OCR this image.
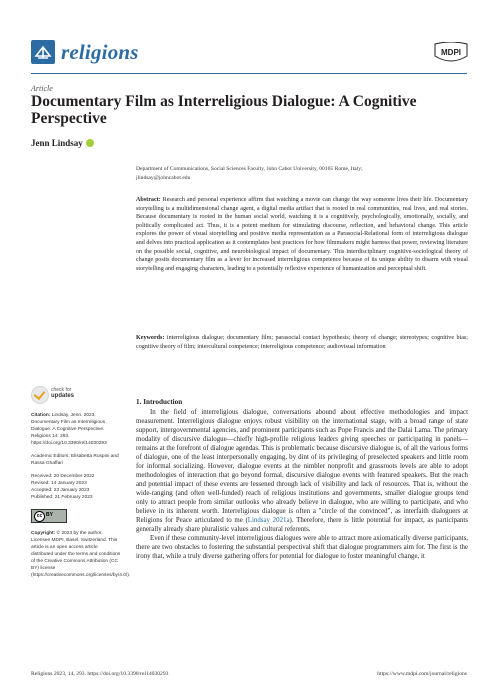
religions	MDPI
Article
Documentary Film as Interreligious Dialogue: A Cognitive Perspective
Jenn Lindsay
Department of Communications, Social Sciences Faculty, John Cabot University, 00165 Rome, Italy;
jlindsay@johncabot.edu
Abstract: Research and personal experience affirm that watching a movie can change the way someone lives their life. Documentary storytelling is a multidimensional change agent, a digital media artifact that is rooted in real communities, real lives, and real stories. Because documentary is rooted in the human social world, watching it is a cognitively, psychologically, emotionally, socially, and politically complicated act. Thus, it is a potent medium for stimulating discourse, reflection, and behavioral change. This article explores the power of visual storytelling and positive media representation as a Parasocial-Relational form of interreligious dialogue and delves into practical application as it contemplates best practices for how filmmakers might harness that power, reviewing literature on the possible social, cognitive, and neurobiological impact of documentary. This interdisciplinary cognitive-sociological theory of change posits documentary film as a lever for increased interreligious competence because of its unique ability to disarm with visual storytelling and engaging characters, leading to a potentially reflexive experience of humanization and perceptual shift.
Keywords: interreligious dialogue; documentary film; parasocial contact hypothesis; theory of change; stereotypes; cognitive bias; cognitive theory of film; intercultural competence; interreligious competence; audiovisual information
check for
updates
Citation: Lindsay, Jenn. 2023. Documentary Film as Interreligious Dialogue: A Cognitive Perspective. Religions 14: 293. https://doi.org/10.3390/rel14030293
Academic Editors: Elisabetta Ruspini and Rassa Ghaffari
Received: 20 December 2022
Revised: 14 January 2023
Accepted: 23 January 2023
Published: 21 February 2023
cc BY
Copyright: © 2023 by the author. Licensee MDPI, Basel, Switzerland. This article is an open access article distributed under the terms and conditions of the Creative Commons Attribution (CC BY) license (https://creativecommons.org/licenses/by/4.0/).
1. Introduction

In the field of interreligious dialogue, conversations abound about effective methodologies and impact measurement. Interreligious dialogue enjoys robust visibility on the international stage, with a broad range of state support, intergovernmental agencies, and prominent participants such as Pope Francis and the Dalai Lama. The primary modality of discursive dialogue—chiefly high-profile religious leaders giving speeches or participating in panels—remains at the forefront of dialogue agendas. This is problematic because discursive dialogue is, of all the various forms of dialogue, one of the least interpersonally engaging, by dint of its privileging of preselected speakers and little room for informal socializing. However, dialogue events at the nimbler nonprofit and grassroots levels are able to adopt methodologies of interaction that go beyond formal, discursive dialogue events with featured speakers. But the reach and potential impact of these events are lessened through lack of visibility and lack of resources. That is, without the wide-ranging (and often well-funded) reach of religious institutions and governments, smaller dialogue groups tend only to attract people from similar outlooks who already believe in dialogue, who are willing to participate, and who believe in its inherent worth. Interreligious dialogue is often a "circle of the convinced", as interfaith dialoguers at Religions for Peace articulated to me (Lindsay 2021a). Therefore, there is little potential for impact, as participants generally already share pluralistic values and cultural referents.

Even if these community-level interreligious dialogues were able to attract more axiomatically diverse participants, there are two obstacles to fostering the substantial perspectival shift that dialogue programmers aim for. The first is the irony that, while a truly diverse gathering offers for potential for dialogue to foster meaningful change, it

Religions 2023, 14, 293. https://doi.org/10.3390/rel14030293	https://www.mdpi.com/journal/religions
